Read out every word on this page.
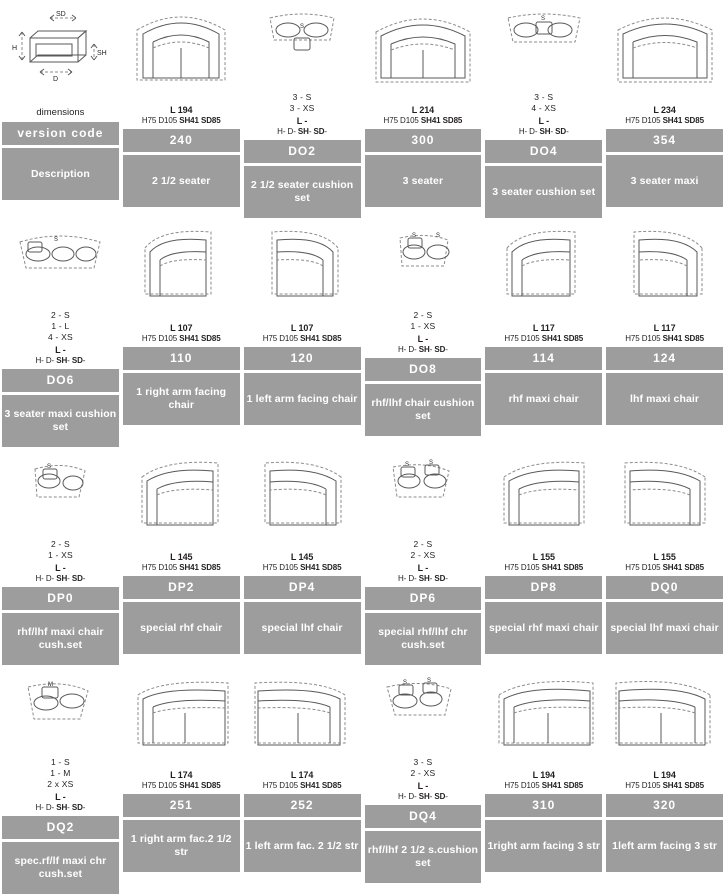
SD
H
SH
D
dimensions
version code
Description
L 194
H75 D105 SH41 SD85
240
2 1/2 seater
S
3 - S
3 - XS
L -
H- D- SH- SD-
DO2
2 1/2 seater cushion set
L 214
H75 D105 SH41 SD85
300
3 seater
S
3 - S
4 - XS
L -
H- D- SH- SD-
DO4
3 seater cushion set
L 234
H75 D105 SH41 SD85
354
3 seater maxi
S
2 - S
1 - L
4 - XS
L -
H- D- SH- SD-
DO6
3 seater maxi cushion set
L 107
H75 D105 SH41 SD85
110
1 right arm facing chair
L 107
H75 D105 SH41 SD85
120
1 left arm facing chair
S	S
2 - S
1 - XS
L -
H- D- SH- SD-
DO8
rhf/lhf chair cushion set
L 117
H75 D105 SH41 SD85
114
rhf maxi chair
L 117
H75 D105 SH41 SD85
124
lhf maxi chair
S
2 - S
1 - XS
L -
H- D- SH- SD-
DP0
rhf/lhf maxi chair cush.set
L 145
H75 D105 SH41 SD85
DP2
special rhf chair
L 145
H75 D105 SH41 SD85
DP4
special lhf chair
S	S
2 - S
2 - XS
L -
H- D- SH- SD-
DP6
special rhf/lhf chr cush.set
L 155
H75 D105 SH41 SD85
DP8
special rhf maxi chair
L 155
H75 D105 SH41 SD85
DQ0
special lhf maxi chair
M
1 - S
1 - M
2 x XS
L -
H- D- SH- SD-
DQ2
spec.rf/lf maxi chr cush.set
L 174
H75 D105 SH41 SD85
251
1 right arm fac.2 1/2 str
L 174
H75 D105 SH41 SD85
252
1 left arm fac. 2 1/2 str
S	S
3 - S
2 - XS
L -
H- D- SH- SD-
DQ4
rhf/lhf 2 1/2 s.cushion set
L 194
H75 D105 SH41 SD85
310
1right arm facing 3 str
L 194
H75 D105 SH41 SD85
320
1left arm facing 3 str
